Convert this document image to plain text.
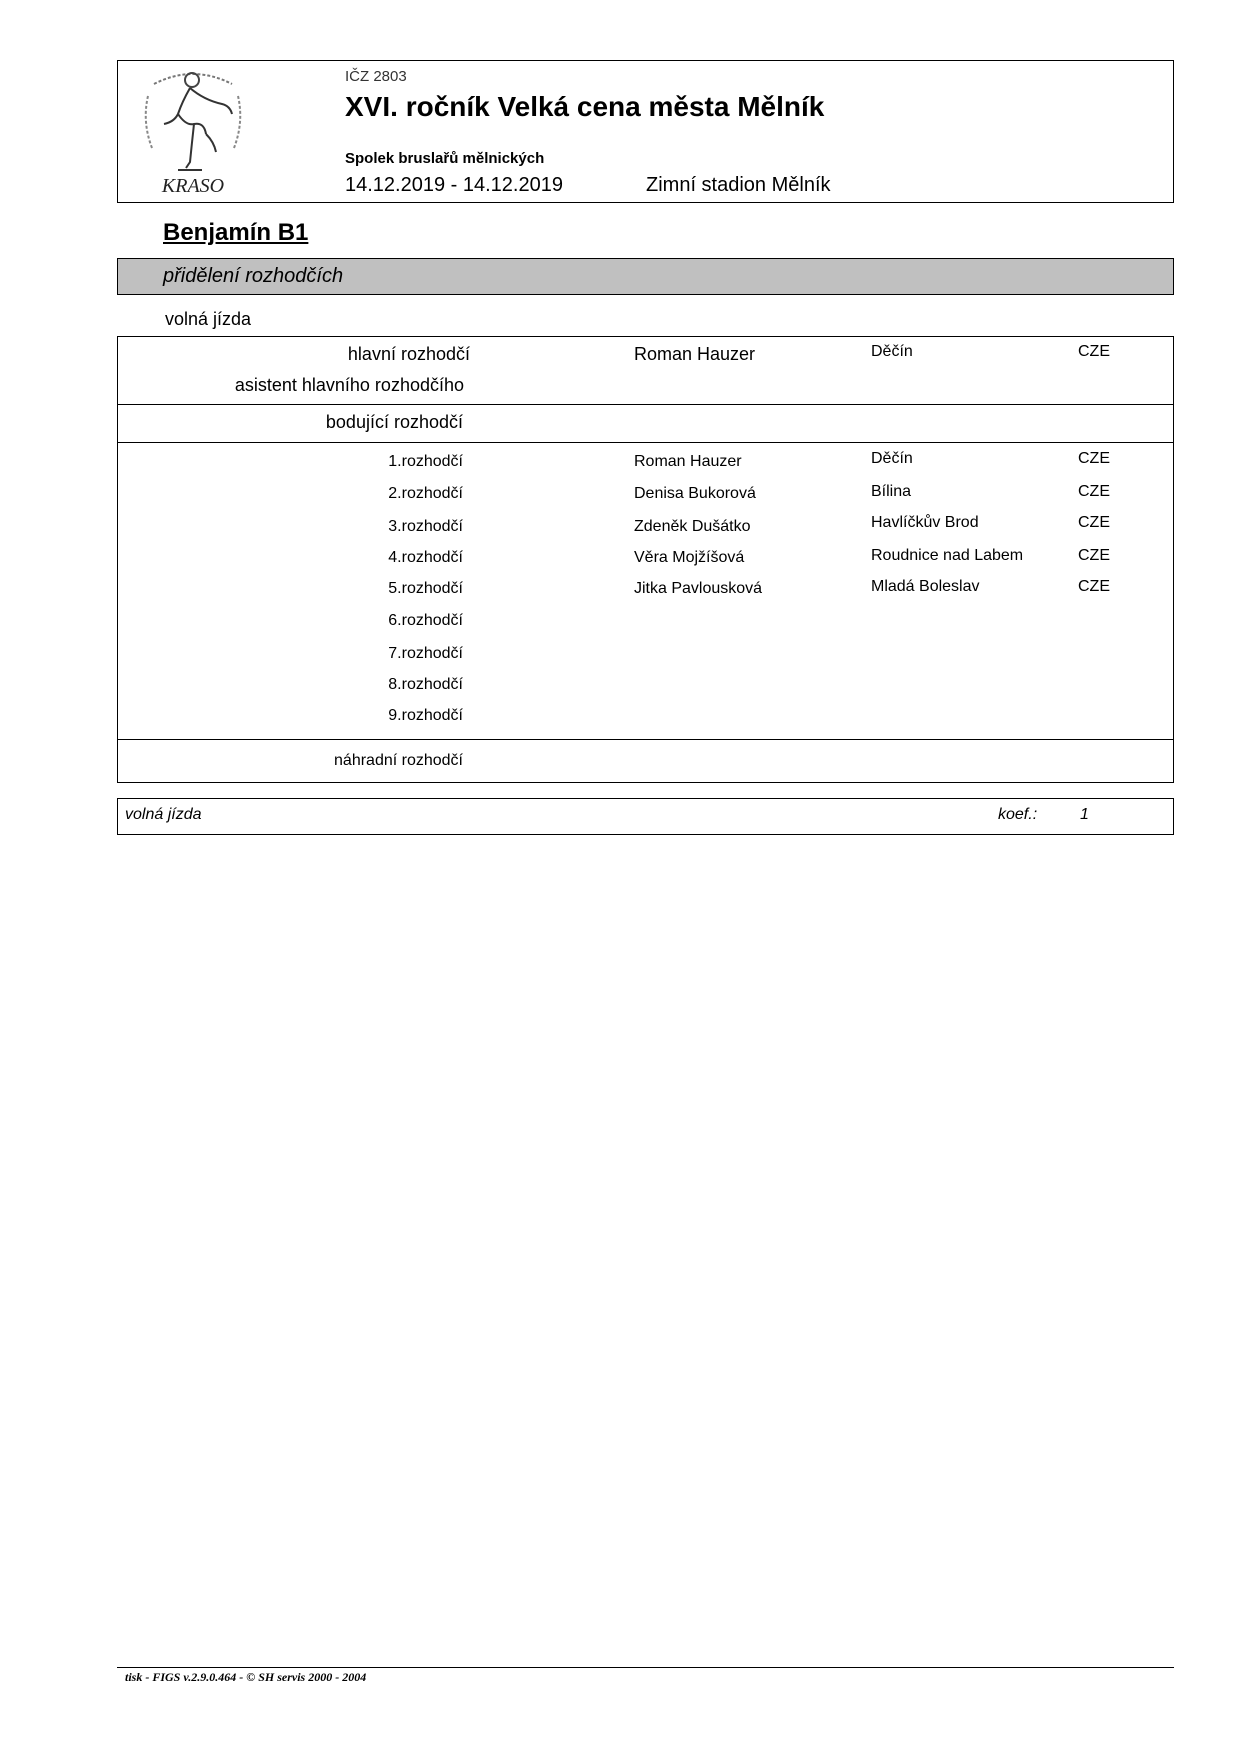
KRASO
IČZ 2803
XVI. ročník Velká cena města Mělník
Spolek bruslařů mělnických
14.12.2019 - 14.12.2019	Zimní stadion Mělník
Benjamín B1
přidělení rozhodčích
volná jízda
hlavní rozhodčí	Roman Hauzer	Děčín	CZE
asistent hlavního rozhodčího
bodující rozhodčí
1.rozhodčí	Roman Hauzer	Děčín	CZE
2.rozhodčí	Denisa Bukorová	Bílina	CZE
3.rozhodčí	Zdeněk Dušátko	Havlíčkův Brod	CZE
4.rozhodčí	Věra Mojžíšová	Roudnice nad Labem	CZE
5.rozhodčí	Jitka Pavlousková	Mladá Boleslav	CZE
6.rozhodčí
7.rozhodčí
8.rozhodčí
9.rozhodčí
náhradní rozhodčí
volná jízda	koef.:	1
tisk - FIGS v.2.9.0.464 - © SH servis 2000 - 2004
